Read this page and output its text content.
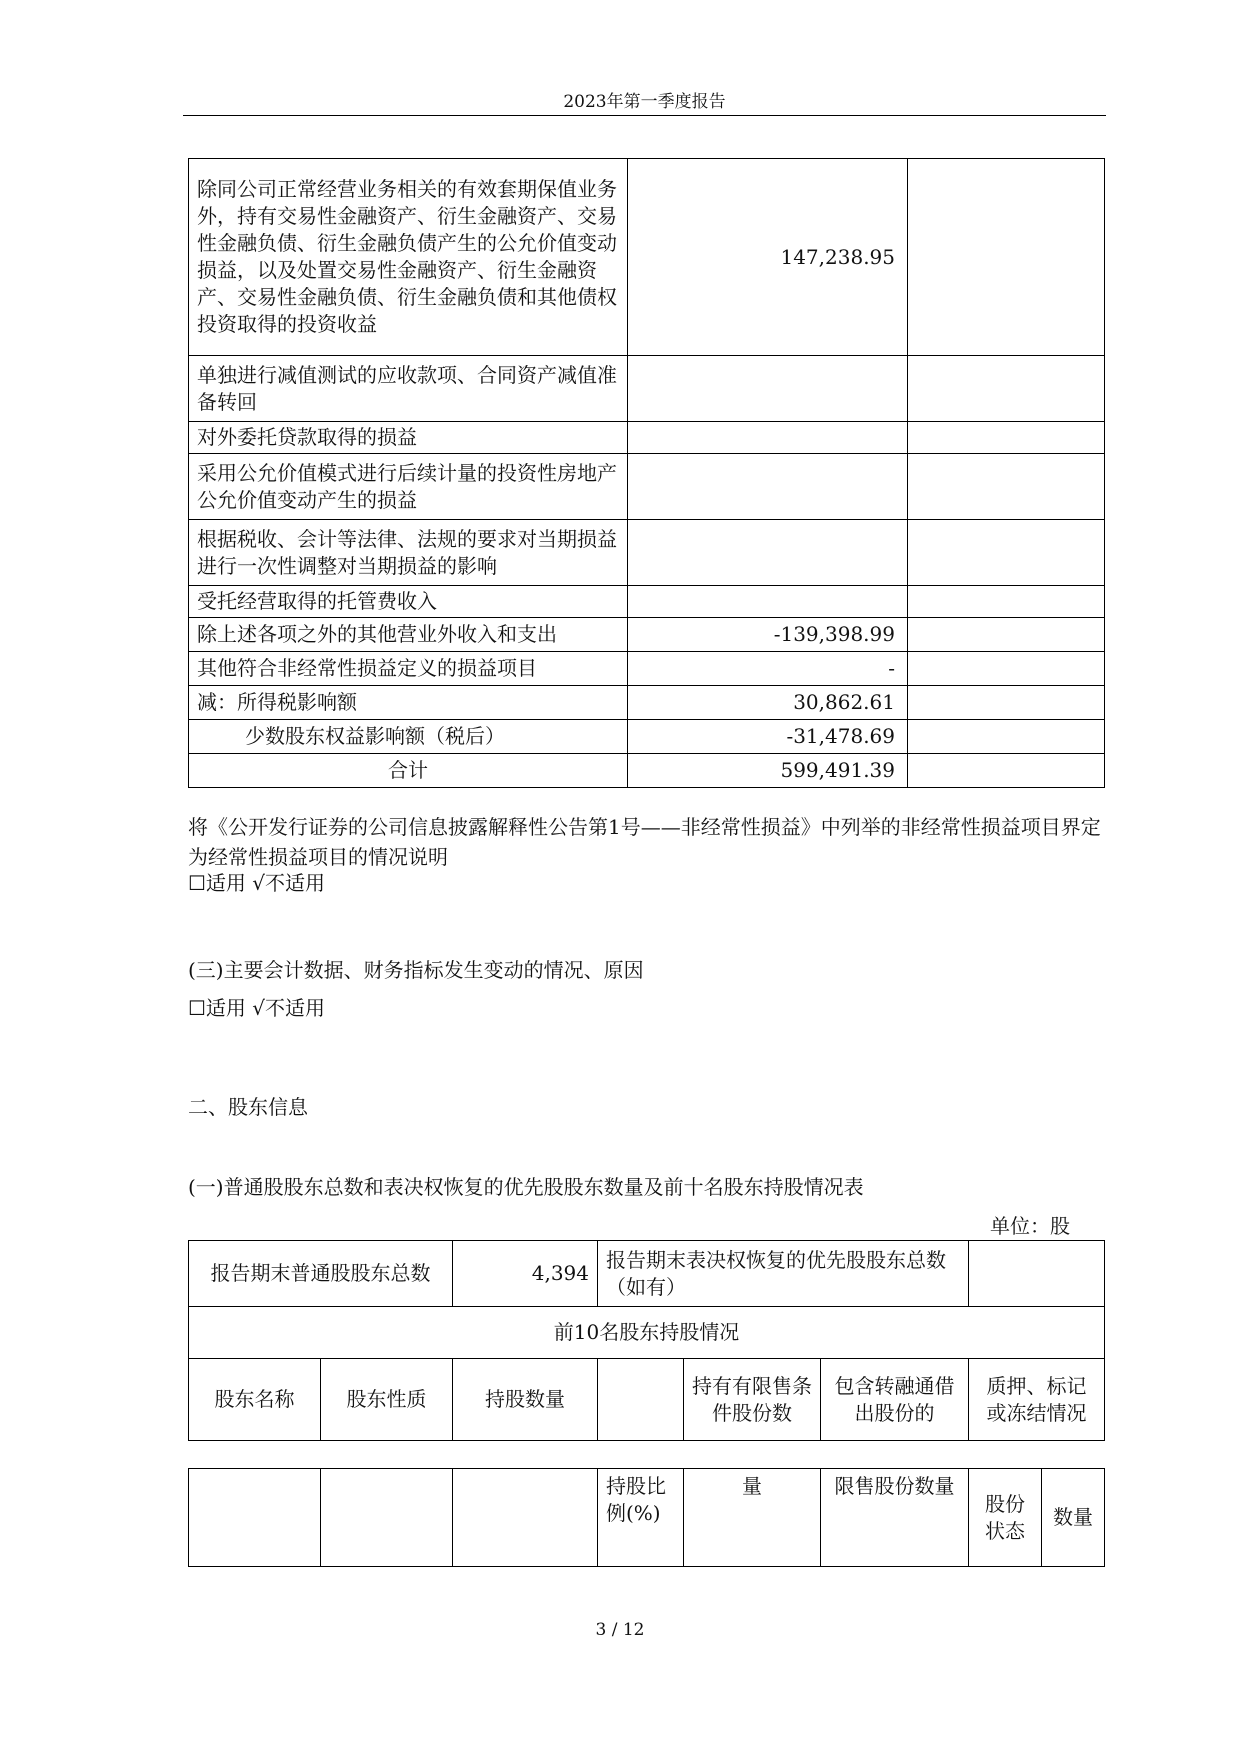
2023年第一季度报告
除同公司正常经营业务相关的有效套期保值业务外，持有交易性金融资产、衍生金融资产、交易性金融负债、衍生金融负债产生的公允价值变动损益，以及处置交易性金融资产、衍生金融资产、交易性金融负债、衍生金融负债和其他债权投资取得的投资收益	147,238.95	
单独进行减值测试的应收款项、合同资产减值准备转回		
对外委托贷款取得的损益		
采用公允价值模式进行后续计量的投资性房地产公允价值变动产生的损益		
根据税收、会计等法律、法规的要求对当期损益进行一次性调整对当期损益的影响		
受托经营取得的托管费收入		
除上述各项之外的其他营业外收入和支出	-139,398.99	
其他符合非经常性损益定义的损益项目	-	
减：所得税影响额	30,862.61	
少数股东权益影响额（税后）	-31,478.69	
合计	599,491.39	
将《公开发行证券的公司信息披露解释性公告第1号——非经常性损益》中列举的非经常性损益项目界定为经常性损益项目的情况说明
☐适用 √不适用
(三)主要会计数据、财务指标发生变动的情况、原因
☐适用 √不适用
二、股东信息
(一)普通股股东总数和表决权恢复的优先股股东数量及前十名股东持股情况表
单位：股
报告期末普通股股东总数		4,394	报告期末表决权恢复的优先股股东总数（如有）			
前10名股东持股情况						
股东名称	股东性质	持股数量		持有有限售条件股份数	包含转融通借出股份的	质押、标记或冻结情况
			持股比例(%)	量	限售股份数量	股份状态	数量
3 / 12
